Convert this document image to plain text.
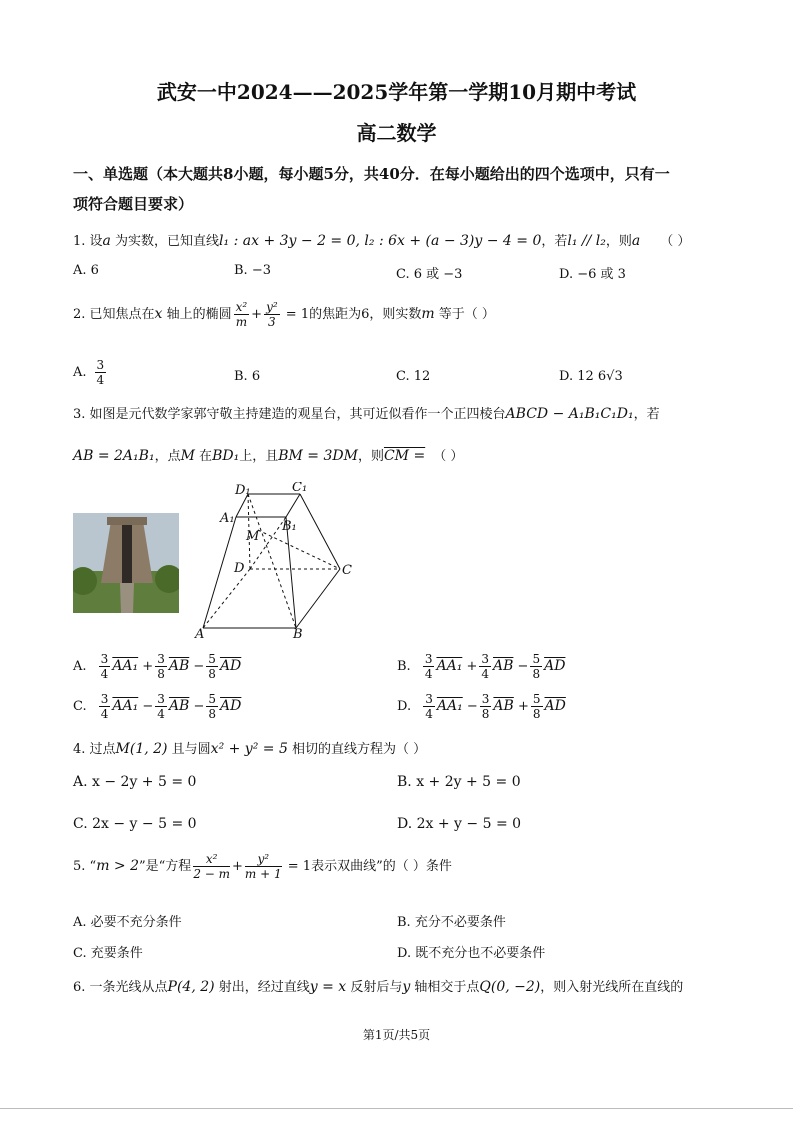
武安一中2024——2025学年第一学期10月期中考试
高二数学
一、单选题（本大题共8小题，每小题5分，共40分．在每小题给出的四个选项中，只有一
项符合题目要求）
1. 设a 为实数，已知直线l₁ : ax + 3y − 2 = 0, l₂ : 6x + (a − 3)y − 4 = 0，若l₁ // l₂，则a （ ）
A. 6	B. −3	C. 6 或 −3	D. −6 或 3
2. 已知焦点在x 轴上的椭圆 $\frac{\text{x²}}{m} + \frac{\text{y²}}{3} = 1$的焦距为6，则实数m 等于（ ）
A. $\frac{3}{4}$	B. 6	C. 12	D. 12 6√3
3. 如图是元代数学家郭守敬主持建造的观星台，其可近似看作一个正四棱台ABCD − A₁B₁C₁D₁，若
AB = 2A₁B₁，点M 在BD₁上，且BM = 3DM，则CM = （ ）
D₁	C₁
A₁
B₁
M
D	C
A	B
A. $\frac{3}{4} AA_1 + \frac{3}{8} \overline{AB} - \frac{5}{8} \overline{AD}$	B. $\frac{3}{4} AA_1 + \frac{3}{4} \overline{AB} - \frac{5}{8} \overline{AD}$
C. $\frac{3}{4} AA_1 - \frac{3}{4} \overline{AB} - \frac{5}{8} \overline{AD}$	D. $\frac{3}{4} AA_1 - \frac{3}{8} \overline{AB} + \frac{5}{8} \overline{AD}$
4. 过点M(1, 2) 且与圆x² + y² = 5 相切的直线方程为（ ）
A. x − 2y + 5 = 0	B. x + 2y + 5 = 0
C. 2x − y − 5 = 0	D. 2x + y − 5 = 0
5. “m > 2”是“方程 $\frac{\text{x²}}{2 - m} + \frac{\text{y²}}{m + 1} = 1$表示双曲线”的（ ）条件
A. 必要不充分条件	B. 充分不必要条件
C. 充要条件	D. 既不充分也不必要条件
6. 一条光线从点P(4, 2) 射出，经过直线y = x 反射后与y 轴相交于点Q(0, −2)，则入射光线所在直线的
第1页/共5页
